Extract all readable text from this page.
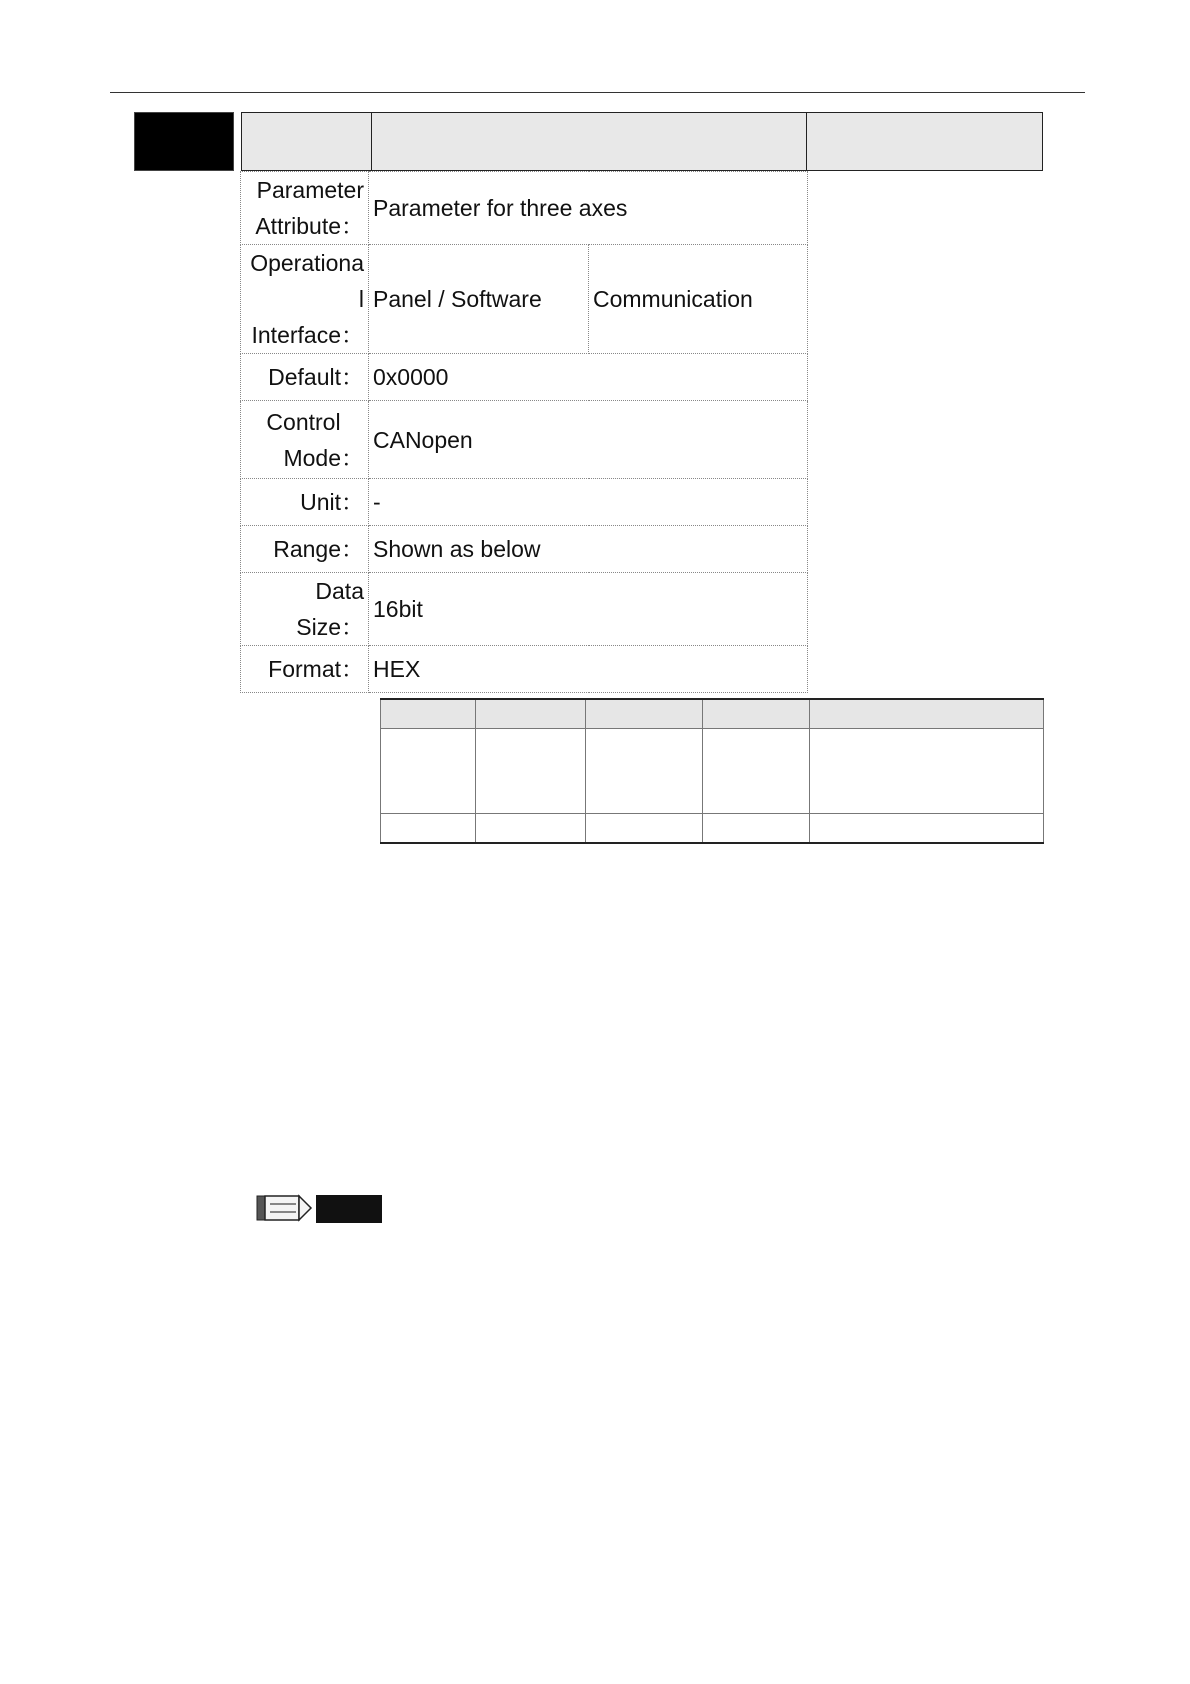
Parameter
Attribute：	Parameter for three axes	

Operationa
l Interface：	Panel / Software	Communication
Default：	0x0000	

Control
Mode：	CANopen	
Unit：	-	
Range：	Shown as below	
Data Size：	16bit	
Format：	HEX	
